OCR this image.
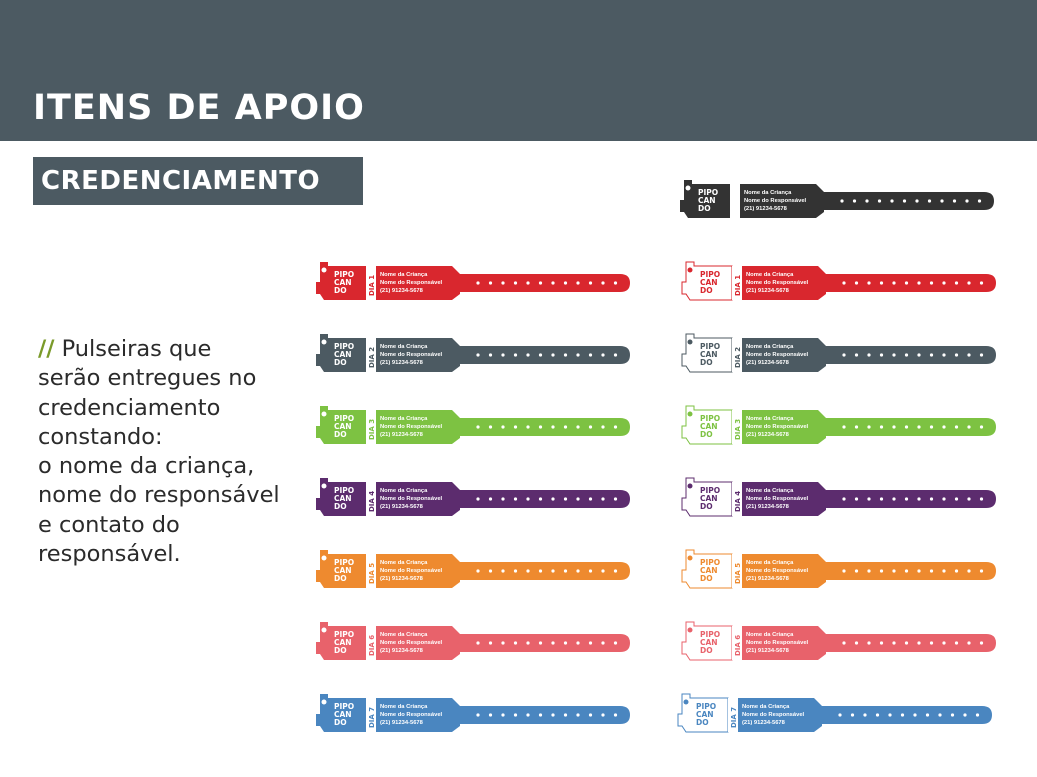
ITENS DE APOIO
CREDENCIAMENTO
// Pulseiras que
serão entregues no
credenciamento
constando:
o nome da criança,
nome do responsável
e contato do
responsável.
PIPO
CAN
DO
Nome da Criança
Nome do Responsável
(21) 91234-5678
PIPO
CAN
DO	DIA 1 Nome da Criança
Nome do Responsável
(21) 91234-5678
PIPO
CAN
DO	DIA 1 Nome da Criança
Nome do Responsável
(21) 91234-5678
PIPO
CAN
DO	DIA 2 Nome da Criança
Nome do Responsável
(21) 91234-5678
PIPO
CAN
DO	DIA 2 Nome da Criança
Nome do Responsável
(21) 91234-5678
PIPO
CAN
DO	DIA 3 Nome da Criança
Nome do Responsável
(21) 91234-5678
PIPO
CAN
DO	DIA 3 Nome da Criança
Nome do Responsável
(21) 91234-5678
PIPO
CAN
DO	DIA 4 Nome da Criança
Nome do Responsável
(21) 91234-5678
PIPO
CAN
DO	DIA 4 Nome da Criança
Nome do Responsável
(21) 91234-5678
PIPO
CAN
DO	DIA 5 Nome da Criança
Nome do Responsável
(21) 91234-5678
PIPO
CAN
DO	DIA 5 Nome da Criança
Nome do Responsável
(21) 91234-5678
PIPO
CAN
DO	DIA 6 Nome da Criança
Nome do Responsável
(21) 91234-5678
PIPO
CAN
DO	DIA 6 Nome da Criança
Nome do Responsável
(21) 91234-5678
PIPO
CAN
DO	DIA 7 Nome da Criança
Nome do Responsável
(21) 91234-5678
PIPO
CAN
DO	DIA 7 Nome da Criança
Nome do Responsável
(21) 91234-5678
